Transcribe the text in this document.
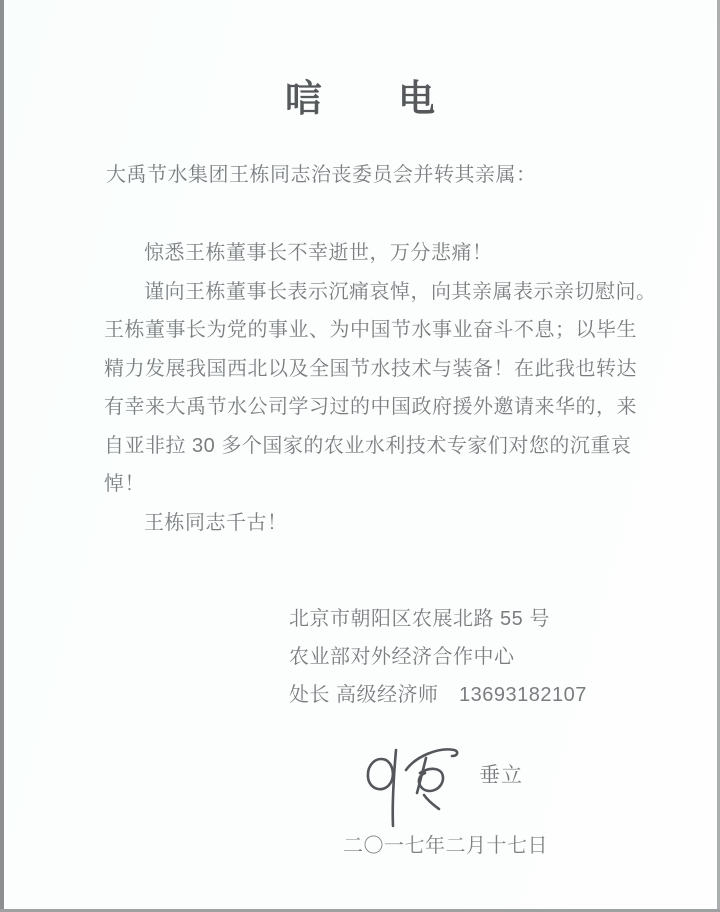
唁 电
大禹节水集团王栋同志治丧委员会并转其亲属：
惊悉王栋董事长不幸逝世，万分悲痛！
谨向王栋董事长表示沉痛哀悼，向其亲属表示亲切慰问。
王栋董事长为党的事业、为中国节水事业奋斗不息；以毕生
精力发展我国西北以及全国节水技术与装备！在此我也转达
有幸来大禹节水公司学习过的中国政府援外邀请来华的，来
自亚非拉 30 多个国家的农业水利技术专家们对您的沉重哀
悼！
王栋同志千古！
北京市朝阳区农展北路 55 号
农业部对外经济合作中心
处长 高级经济师　13693182107
垂立
二〇一七年二月十七日
